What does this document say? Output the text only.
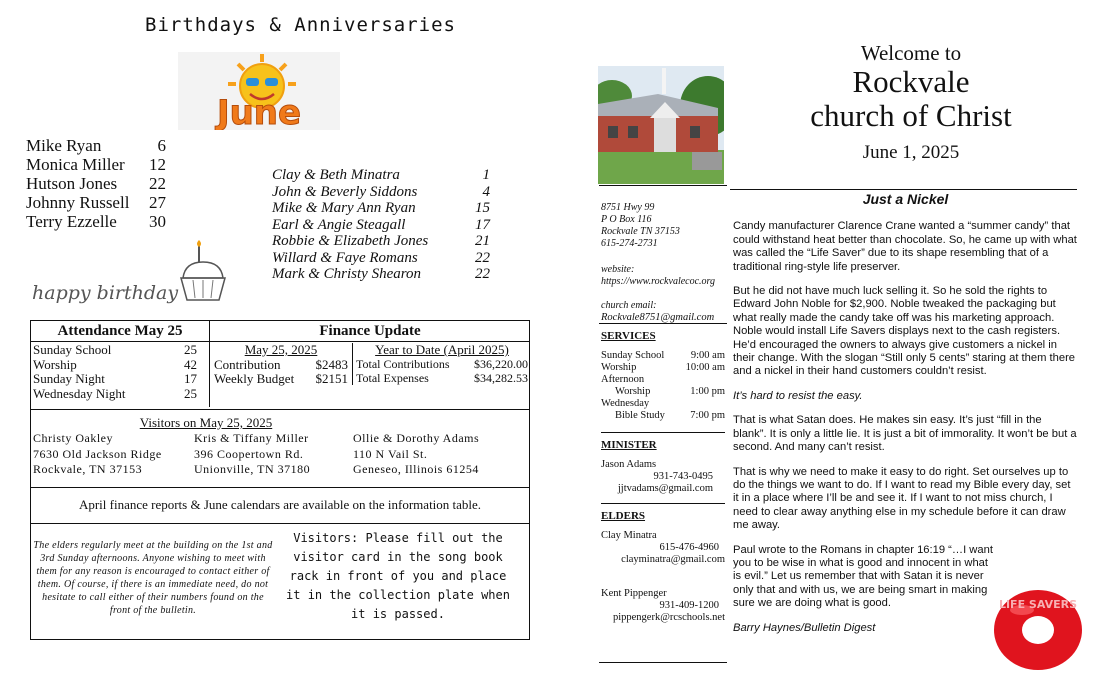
Birthdays & Anniversaries
June
Mike Ryan	6
Monica Miller 12
Hutson Jones 22
Johnny Russell 27
Terry Ezzelle 30
Clay & Beth Minatra	1
John & Beverly Siddons	4
Mike & Mary Ann Ryan	15
Earl & Angie Steagall	17
Robbie & Elizabeth Jones	21
Willard & Faye Romans	22
Mark & Christy Shearon	22
happy birthday
Attendance May 25	Finance Update
Sunday School	25
Worship	42
Sunday Night	17
Wednesday Night	25
May 25, 2025
Contribution	$2483
Weekly Budget $2151
Year to Date (April 2025)
Total Contributions $36,220.00
Total Expenses	$34,282.53
Visitors on May 25, 2025
Christy Oakley
7630 Old Jackson Ridge
Rockvale, TN 37153
Kris & Tiffany Miller
396 Coopertown Rd.
Unionville, TN 37180
Ollie & Dorothy Adams
110 N Vail St.
Geneseo, Illinois 61254
April finance reports & June calendars are available on the information table.
The elders regularly meet at the building on the 1st and 3rd Sunday afternoons. Anyone wishing to meet with them for any reason is encouraged to contact either of them. Of course, if there is an immediate need, do not hesitate to call either of their numbers found on the front of the bulletin.
Visitors: Please fill out the visitor card in the song book rack in front of you and place it in the collection plate when it is passed.
Welcome to
Rockvale
church of Christ
June 1, 2025
8751 Hwy 99
P O Box 116
Rockvale TN 37153
615-274-2731
website:
https://www.rockvalecoc.org
church email:
Rockvale8751@gmail.com
SERVICES
Sunday School	9:00 am
Worship	10:00 am
Afternoon
Worship	1:00 pm
Wednesday
Bible Study 7:00 pm
MINISTER
Jason Adams
931-743-0495
jjtvadams@gmail.com
ELDERS
Clay Minatra
615-476-4960
clayminatra@gmail.com
Kent Pippenger
931-409-1200
pippengerk@rcschools.net
Just a Nickel

Candy manufacturer Clarence Crane wanted a “summer candy” that could withstand heat better than chocolate. So, he came up with what was called the “Life Saver” due to its shape resembling that of a traditional ring-style life preserver.

But he did not have much luck selling it. So he sold the rights to Edward John Noble for $2,900. Noble tweaked the packaging but what really made the candy take off was his marketing approach. Noble would install Life Savers displays next to the cash registers. He’d encouraged the owners to always give customers a nickel in their change. With the slogan “Still only 5 cents” staring at them there and a nickel in their hand customers couldn’t resist.

It’s hard to resist the easy.

That is what Satan does. He makes sin easy. It’s just “fill in the blank”. It is only a little lie. It is just a bit of immorality. It won’t be but a second. And many can’t resist.

That is why we need to make it easy to do right. Set ourselves up to do the things we want to do. If I want to read my Bible every day, set it in a place where I’ll be and see it. If I want to not miss church, I need to clear away anything else in my schedule before it can draw me away.

Paul wrote to the Romans in chapter 16:19 “…I want you to be wise in what is good and innocent in what is evil.” Let us remember that with Satan it is never only that and with us, we are being smart in making sure we are doing what is good.

Barry Haynes/Bulletin Digest

LIFE SAVERS
